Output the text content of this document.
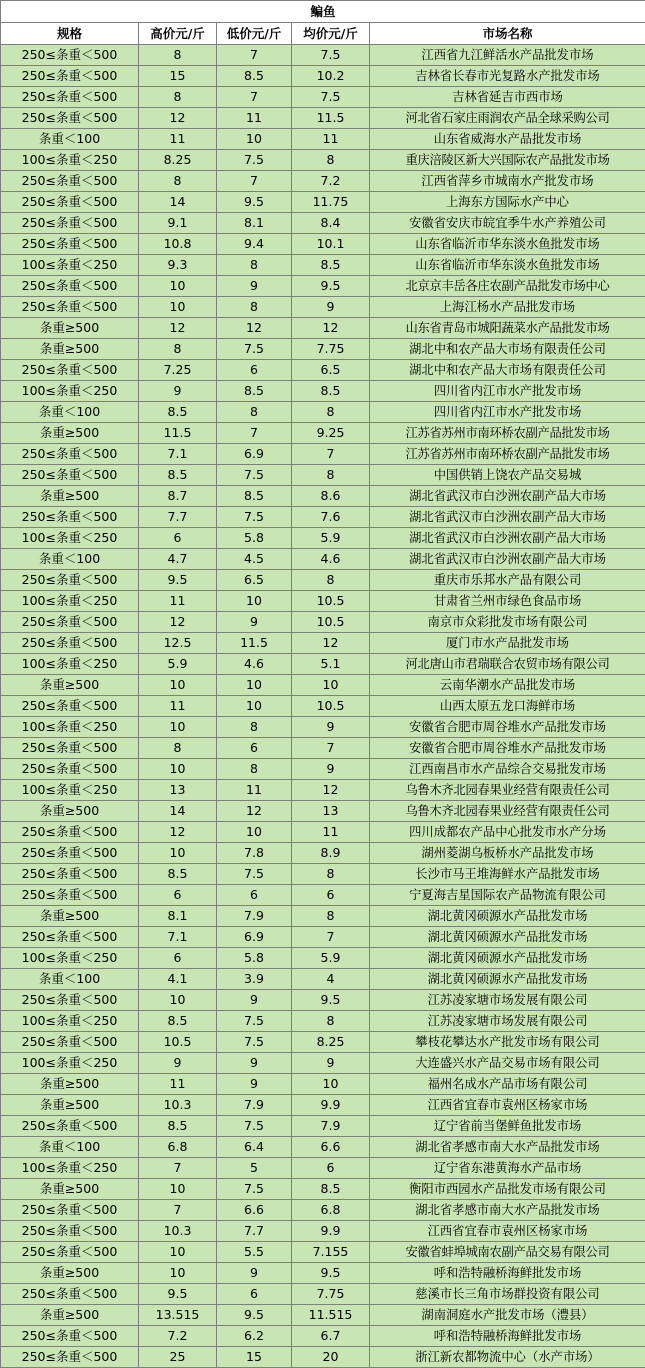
鳊鱼				
规格	高价元/斤	低价元/斤	均价元/斤	市场名称
250≤条重＜500	8	7	7.5	江西省九江鲜活水产品批发市场
250≤条重＜500	15	8.5	10.2	吉林省长春市光复路水产批发市场
250≤条重＜500	8	7	7.5	吉林省延吉市西市场
250≤条重＜500	12	11	11.5	河北省石家庄雨润农产品全球采购公司
条重＜100	11	10	11	山东省威海水产品批发市场
100≤条重＜250	8.25	7.5	8	重庆涪陵区新大兴国际农产品批发市场
250≤条重＜500	8	7	7.2	江西省萍乡市城南水产批发市场
250≤条重＜500	14	9.5	11.75	上海东方国际水产中心
250≤条重＜500	9.1	8.1	8.4	安徽省安庆市皖宜季牛水产养殖公司
250≤条重＜500	10.8	9.4	10.1	山东省临沂市华东淡水鱼批发市场
100≤条重＜250	9.3	8	8.5	山东省临沂市华东淡水鱼批发市场
250≤条重＜500	10	9	9.5	北京京丰岳各庄农副产品批发市场中心
250≤条重＜500	10	8	9	上海江杨水产品批发市场
条重≥500	12	12	12	山东省青岛市城阳蔬菜水产品批发市场
条重≥500	8	7.5	7.75	湖北中和农产品大市场有限责任公司
250≤条重＜500	7.25	6	6.5	湖北中和农产品大市场有限责任公司
100≤条重＜250	9	8.5	8.5	四川省内江市水产批发市场
条重＜100	8.5	8	8	四川省内江市水产批发市场
条重≥500	11.5	7	9.25	江苏省苏州市南环桥农副产品批发市场
250≤条重＜500	7.1	6.9	7	江苏省苏州市南环桥农副产品批发市场
250≤条重＜500	8.5	7.5	8	中国供销上饶农产品交易城
条重≥500	8.7	8.5	8.6	湖北省武汉市白沙洲农副产品大市场
250≤条重＜500	7.7	7.5	7.6	湖北省武汉市白沙洲农副产品大市场
100≤条重＜250	6	5.8	5.9	湖北省武汉市白沙洲农副产品大市场
条重＜100	4.7	4.5	4.6	湖北省武汉市白沙洲农副产品大市场
250≤条重＜500	9.5	6.5	8	重庆市乐邦水产品有限公司
100≤条重＜250	11	10	10.5	甘肃省兰州市绿色食品市场
250≤条重＜500	12	9	10.5	南京市众彩批发市场有限公司
250≤条重＜500	12.5	11.5	12	厦门市水产品批发市场
100≤条重＜250	5.9	4.6	5.1	河北唐山市君瑞联合农贸市场有限公司
条重≥500	10	10	10	云南华潮水产品批发市场
250≤条重＜500	11	10	10.5	山西太原五龙口海鲜市场
100≤条重＜250	10	8	9	安徽省合肥市周谷堆水产品批发市场
250≤条重＜500	8	6	7	安徽省合肥市周谷堆水产品批发市场
250≤条重＜500	10	8	9	江西南昌市水产品综合交易批发市场
100≤条重＜250	13	11	12	乌鲁木齐北园春果业经营有限责任公司
条重≥500	14	12	13	乌鲁木齐北园春果业经营有限责任公司
250≤条重＜500	12	10	11	四川成都农产品中心批发市水产分场
250≤条重＜500	10	7.8	8.9	湖州菱湖乌板桥水产品批发市场
250≤条重＜500	8.5	7.5	8	长沙市马王堆海鲜水产品批发市场
250≤条重＜500	6	6	6	宁夏海吉星国际农产品物流有限公司
条重≥500	8.1	7.9	8	湖北黄冈硕源水产品批发市场
250≤条重＜500	7.1	6.9	7	湖北黄冈硕源水产品批发市场
100≤条重＜250	6	5.8	5.9	湖北黄冈硕源水产品批发市场
条重＜100	4.1	3.9	4	湖北黄冈硕源水产品批发市场
250≤条重＜500	10	9	9.5	江苏凌家塘市场发展有限公司
100≤条重＜250	8.5	7.5	8	江苏凌家塘市场发展有限公司
250≤条重＜500	10.5	7.5	8.25	攀枝花攀达水产批发市场有限公司
100≤条重＜250	9	9	9	大连盛兴水产品交易市场有限公司
条重≥500	11	9	10	福州名成水产品市场有限公司
条重≥500	10.3	7.9	9.9	江西省宜春市袁州区杨家市场
250≤条重＜500	8.5	7.5	7.9	辽宁省前当堡鲜鱼批发市场
条重＜100	6.8	6.4	6.6	湖北省孝感市南大水产品批发市场
100≤条重＜250	7	5	6	辽宁省东港黄海水产品市场
条重≥500	10	7.5	8.5	衡阳市西园水产品批发市场有限公司
250≤条重＜500	7	6.6	6.8	湖北省孝感市南大水产品批发市场
250≤条重＜500	10.3	7.7	9.9	江西省宜春市袁州区杨家市场
250≤条重＜500	10	5.5	7.155	安徽省蚌埠城南农副产品交易有限公司
条重≥500	10	9	9.5	呼和浩特融桥海鲜批发市场
250≤条重＜500	9.5	6	7.75	慈溪市长三角市场群投资有限公司
条重≥500	13.515	9.5	11.515	湖南洞庭水产批发市场（澧县）
250≤条重＜500	7.2	6.2	6.7	呼和浩特融桥海鲜批发市场
250≤条重＜500	25	15	20	浙江新农都物流中心（水产市场）
